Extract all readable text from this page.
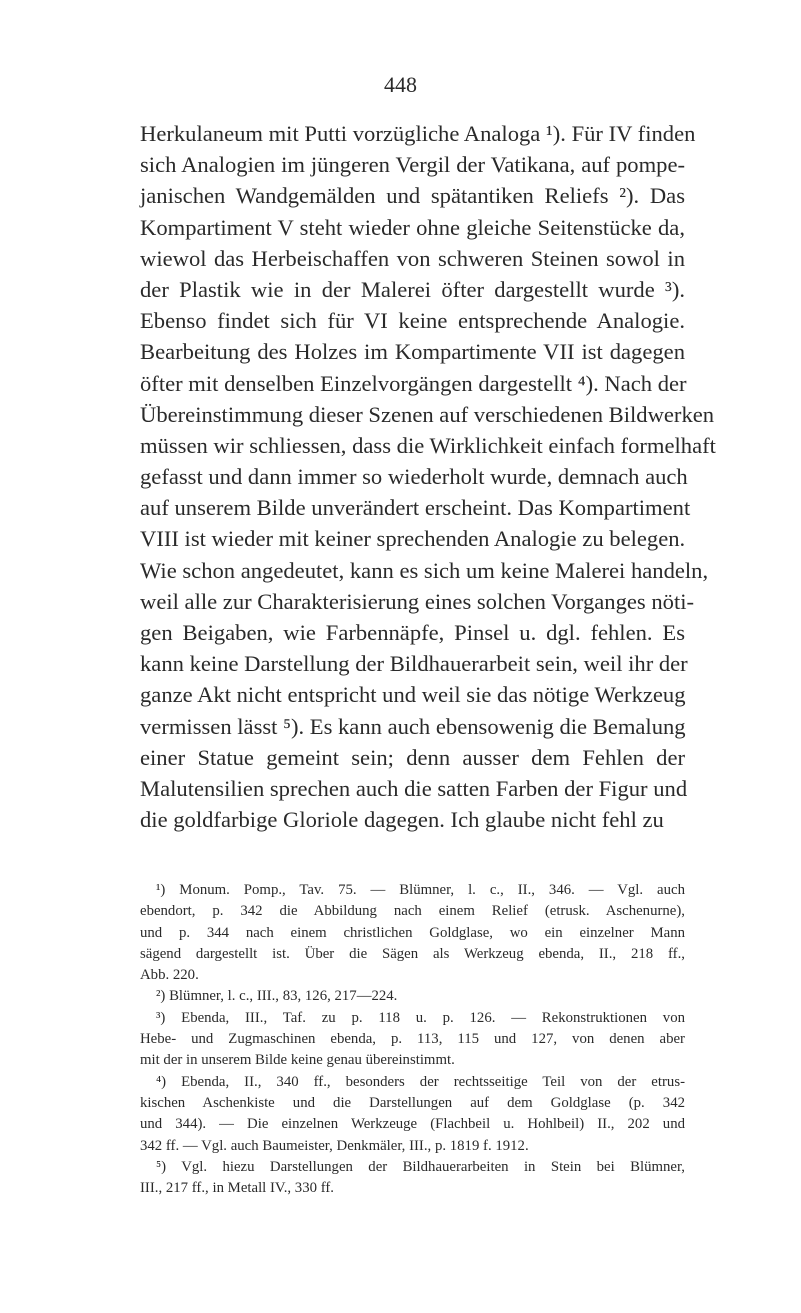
448
Herkulaneum mit Putti vorzügliche Analoga ¹). Für IV finden
sich Analogien im jüngeren Vergil der Vatikana, auf pompe-
janischen Wandgemälden und spätantiken Reliefs ²). Das
Kompartiment V steht wieder ohne gleiche Seitenstücke da,
wiewol das Herbeischaffen von schweren Steinen sowol in
der Plastik wie in der Malerei öfter dargestellt wurde ³).
Ebenso findet sich für VI keine entsprechende Analogie.
Bearbeitung des Holzes im Kompartimente VII ist dagegen
öfter mit denselben Einzelvorgängen dargestellt ⁴). Nach der
Übereinstimmung dieser Szenen auf verschiedenen Bildwerken
müssen wir schliessen, dass die Wirklichkeit einfach formelhaft
gefasst und dann immer so wiederholt wurde, demnach auch
auf unserem Bilde unverändert erscheint. Das Kompartiment
VIII ist wieder mit keiner sprechenden Analogie zu belegen.
Wie schon angedeutet, kann es sich um keine Malerei handeln,
weil alle zur Charakterisierung eines solchen Vorganges nöti-
gen Beigaben, wie Farbennäpfe, Pinsel u. dgl. fehlen. Es
kann keine Darstellung der Bildhauerarbeit sein, weil ihr der
ganze Akt nicht entspricht und weil sie das nötige Werkzeug
vermissen lässt ⁵). Es kann auch ebensowenig die Bemalung
einer Statue gemeint sein; denn ausser dem Fehlen der
Malutensilien sprechen auch die satten Farben der Figur und
die goldfarbige Gloriole dagegen. Ich glaube nicht fehl zu
¹) Monum. Pomp., Tav. 75. — Blümner, l. c., II., 346. — Vgl. auch
ebendort, p. 342 die Abbildung nach einem Relief (etrusk. Aschenurne),
und p. 344 nach einem christlichen Goldglase, wo ein einzelner Mann
sägend dargestellt ist. Über die Sägen als Werkzeug ebenda, II., 218 ff.,
Abb. 220.
²) Blümner, l. c., III., 83, 126, 217—224.
³) Ebenda, III., Taf. zu p. 118 u. p. 126. — Rekonstruktionen von
Hebe- und Zugmaschinen ebenda, p. 113, 115 und 127, von denen aber
mit der in unserem Bilde keine genau übereinstimmt.
⁴) Ebenda, II., 340 ff., besonders der rechtsseitige Teil von der etrus-
kischen Aschenkiste und die Darstellungen auf dem Goldglase (p. 342
und 344). — Die einzelnen Werkzeuge (Flachbeil u. Hohlbeil) II., 202 und
342 ff. — Vgl. auch Baumeister, Denkmäler, III., p. 1819 f. 1912.
⁵) Vgl. hiezu Darstellungen der Bildhauerarbeiten in Stein bei Blümner,
III., 217 ff., in Metall IV., 330 ff.
